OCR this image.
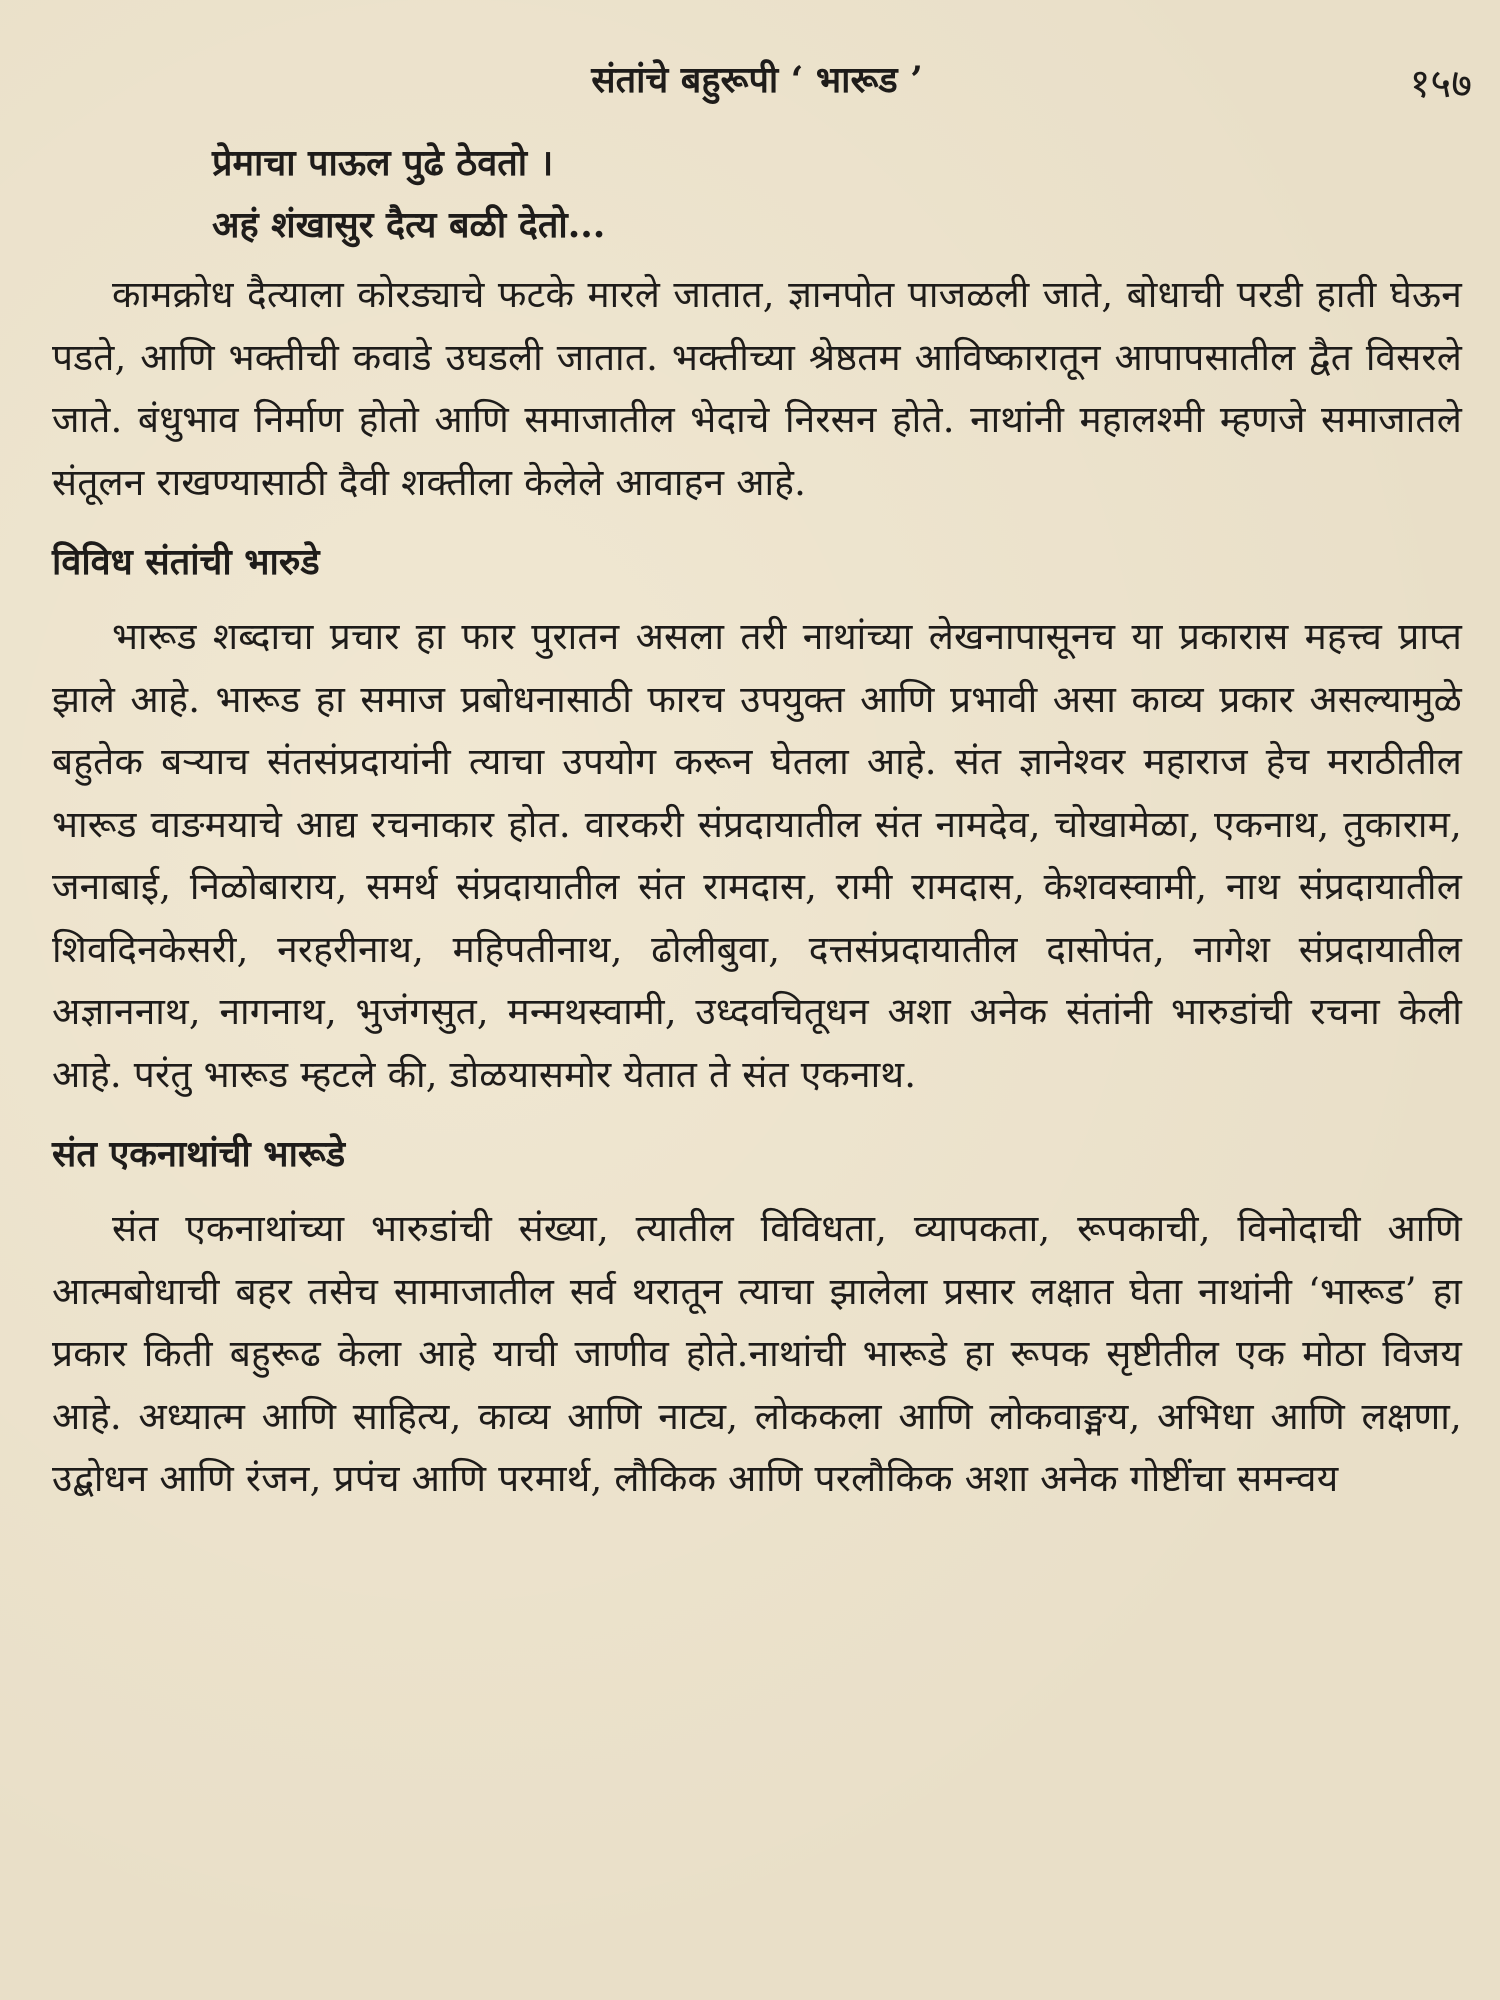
संतांचे बहुरूपी ‘ भारूड ’	१५७
प्रेमाचा पाऊल पुढे ठेवतो ।
अहं शंखासुर दैत्य बळी देतो...

कामक्रोध दैत्याला कोरड्याचे फटके मारले जातात, ज्ञानपोत पाजळली जाते, बोधाची परडी हाती घेऊन पडते, आणि भक्तीची कवाडे उघडली जातात. भक्तीच्या श्रेष्ठतम आविष्कारातून आपापसातील द्वैत विसरले जाते. बंधुभाव निर्माण होतो आणि समाजातील भेदाचे निरसन होते. नाथांनी महालश्मी म्हणजे समाजातले संतूलन राखण्यासाठी दैवी शक्तीला केलेले आवाहन आहे.

विविध संतांची भारुडे

भारूड शब्दाचा प्रचार हा फार पुरातन असला तरी नाथांच्या लेखनापासूनच या प्रकारास महत्त्व प्राप्त झाले आहे. भारूड हा समाज प्रबोधनासाठी फारच उपयुक्त आणि प्रभावी असा काव्य प्रकार असल्यामुळे बहुतेक बऱ्याच संतसंप्रदायांनी त्याचा उपयोग करून घेतला आहे. संत ज्ञानेश्वर महाराज हेच मराठीतील भारूड वाङमयाचे आद्य रचनाकार होत. वारकरी संप्रदायातील संत नामदेव, चोखामेळा, एकनाथ, तुकाराम, जनाबाई, निळोबाराय, समर्थ संप्रदायातील संत रामदास, रामी रामदास, केशवस्वामी, नाथ संप्रदायातील शिवदिनकेसरी, नरहरीनाथ, महिपतीनाथ, ढोलीबुवा, दत्तसंप्रदायातील दासोपंत, नागेश संप्रदायातील अज्ञाननाथ, नागनाथ, भुजंगसुत, मन्मथस्वामी, उध्दवचितूधन अशा अनेक संतांनी भारुडांची रचना केली आहे. परंतु भारूड म्हटले की, डोळयासमोर येतात ते संत एकनाथ.

संत एकनाथांची भारूडे

संत एकनाथांच्या भारुडांची संख्या, त्यातील विविधता, व्यापकता, रूपकाची, विनोदाची आणि आत्मबोधाची बहर तसेच सामाजातील सर्व थरातून त्याचा झालेला प्रसार लक्षात घेता नाथांनी ‘भारूड’ हा प्रकार किती बहुरूढ केला आहे याची जाणीव होते.नाथांची भारूडे हा रूपक सृष्टीतील एक मोठा विजय आहे. अध्यात्म आणि साहित्य, काव्य आणि नाट्य, लोककला आणि लोकवाङ्मय, अभिधा आणि लक्षणा, उद्बोधन आणि रंजन, प्रपंच आणि परमार्थ, लौकिक आणि परलौकिक अशा अनेक गोष्टींचा समन्वय
